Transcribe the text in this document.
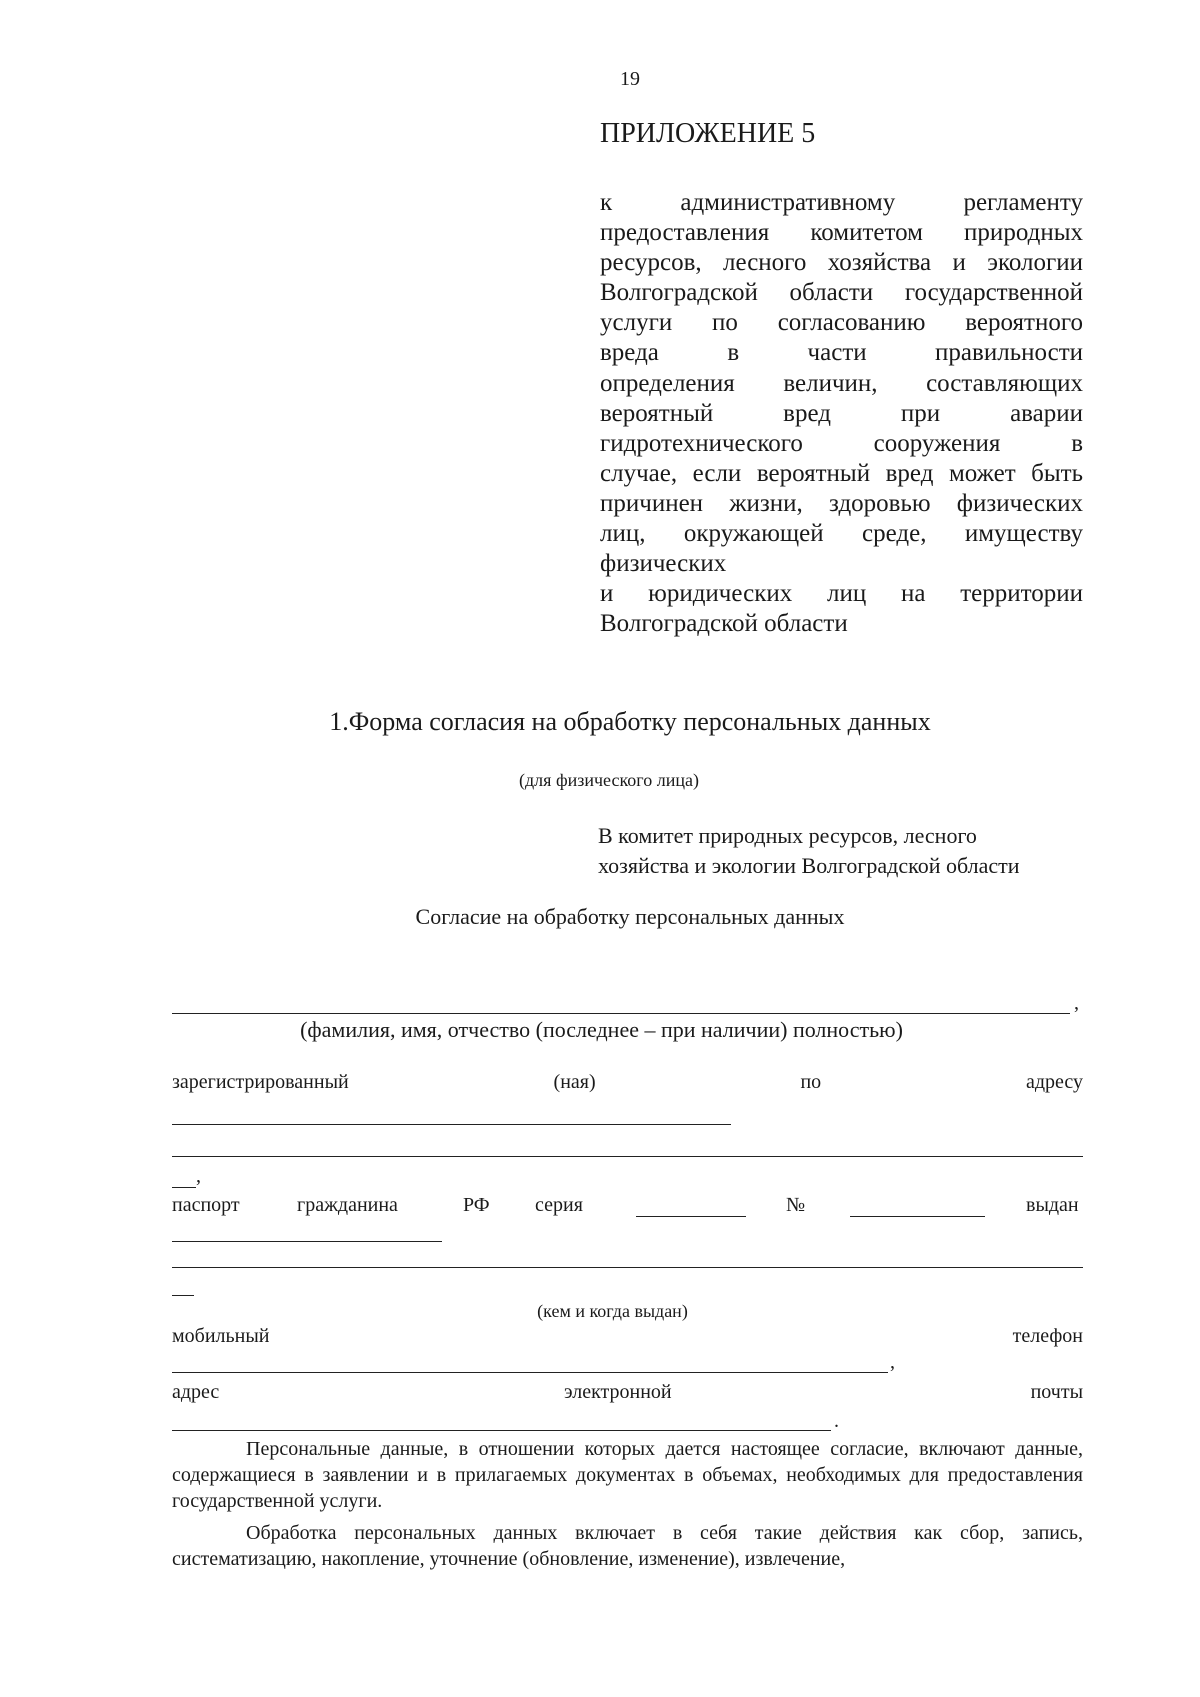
19
ПРИЛОЖЕНИЕ 5
к административному регламенту
предоставления комитетом природных
ресурсов, лесного хозяйства и экологии
Волгоградской области государственной
услуги по согласованию вероятного
вреда в части правильности
определения величин, составляющих
вероятный вред при аварии
гидротехнического сооружения в
случае, если вероятный вред может быть
причинен жизни, здоровью физических
лиц, окружающей среде, имуществу
физических
и юридических лиц на территории
Волгоградской области
1.Форма согласия на обработку персональных данных
(для физического лица)
В комитет природных ресурсов, лесного
хозяйства и экологии Волгоградской области
Согласие на обработку персональных данных
,
(фамилия, имя, отчество (последнее – при наличии) полностью)
зарегистрированный	(ная)	по	адресу
,
паспорт	гражданина	РФ серия	№	выдан
(кем и когда выдан)
мобильный	телефон
,
адрес	электронной	почты
.
Персональные данные, в отношении которых дается настоящее согласие, включают данные, содержащиеся в заявлении и в прилагаемых документах в объемах, необходимых для предоставления государственной услуги.
Обработка персональных данных включает в себя такие действия как сбор, запись, систематизацию, накопление, уточнение (обновление, изменение), извлечение,
